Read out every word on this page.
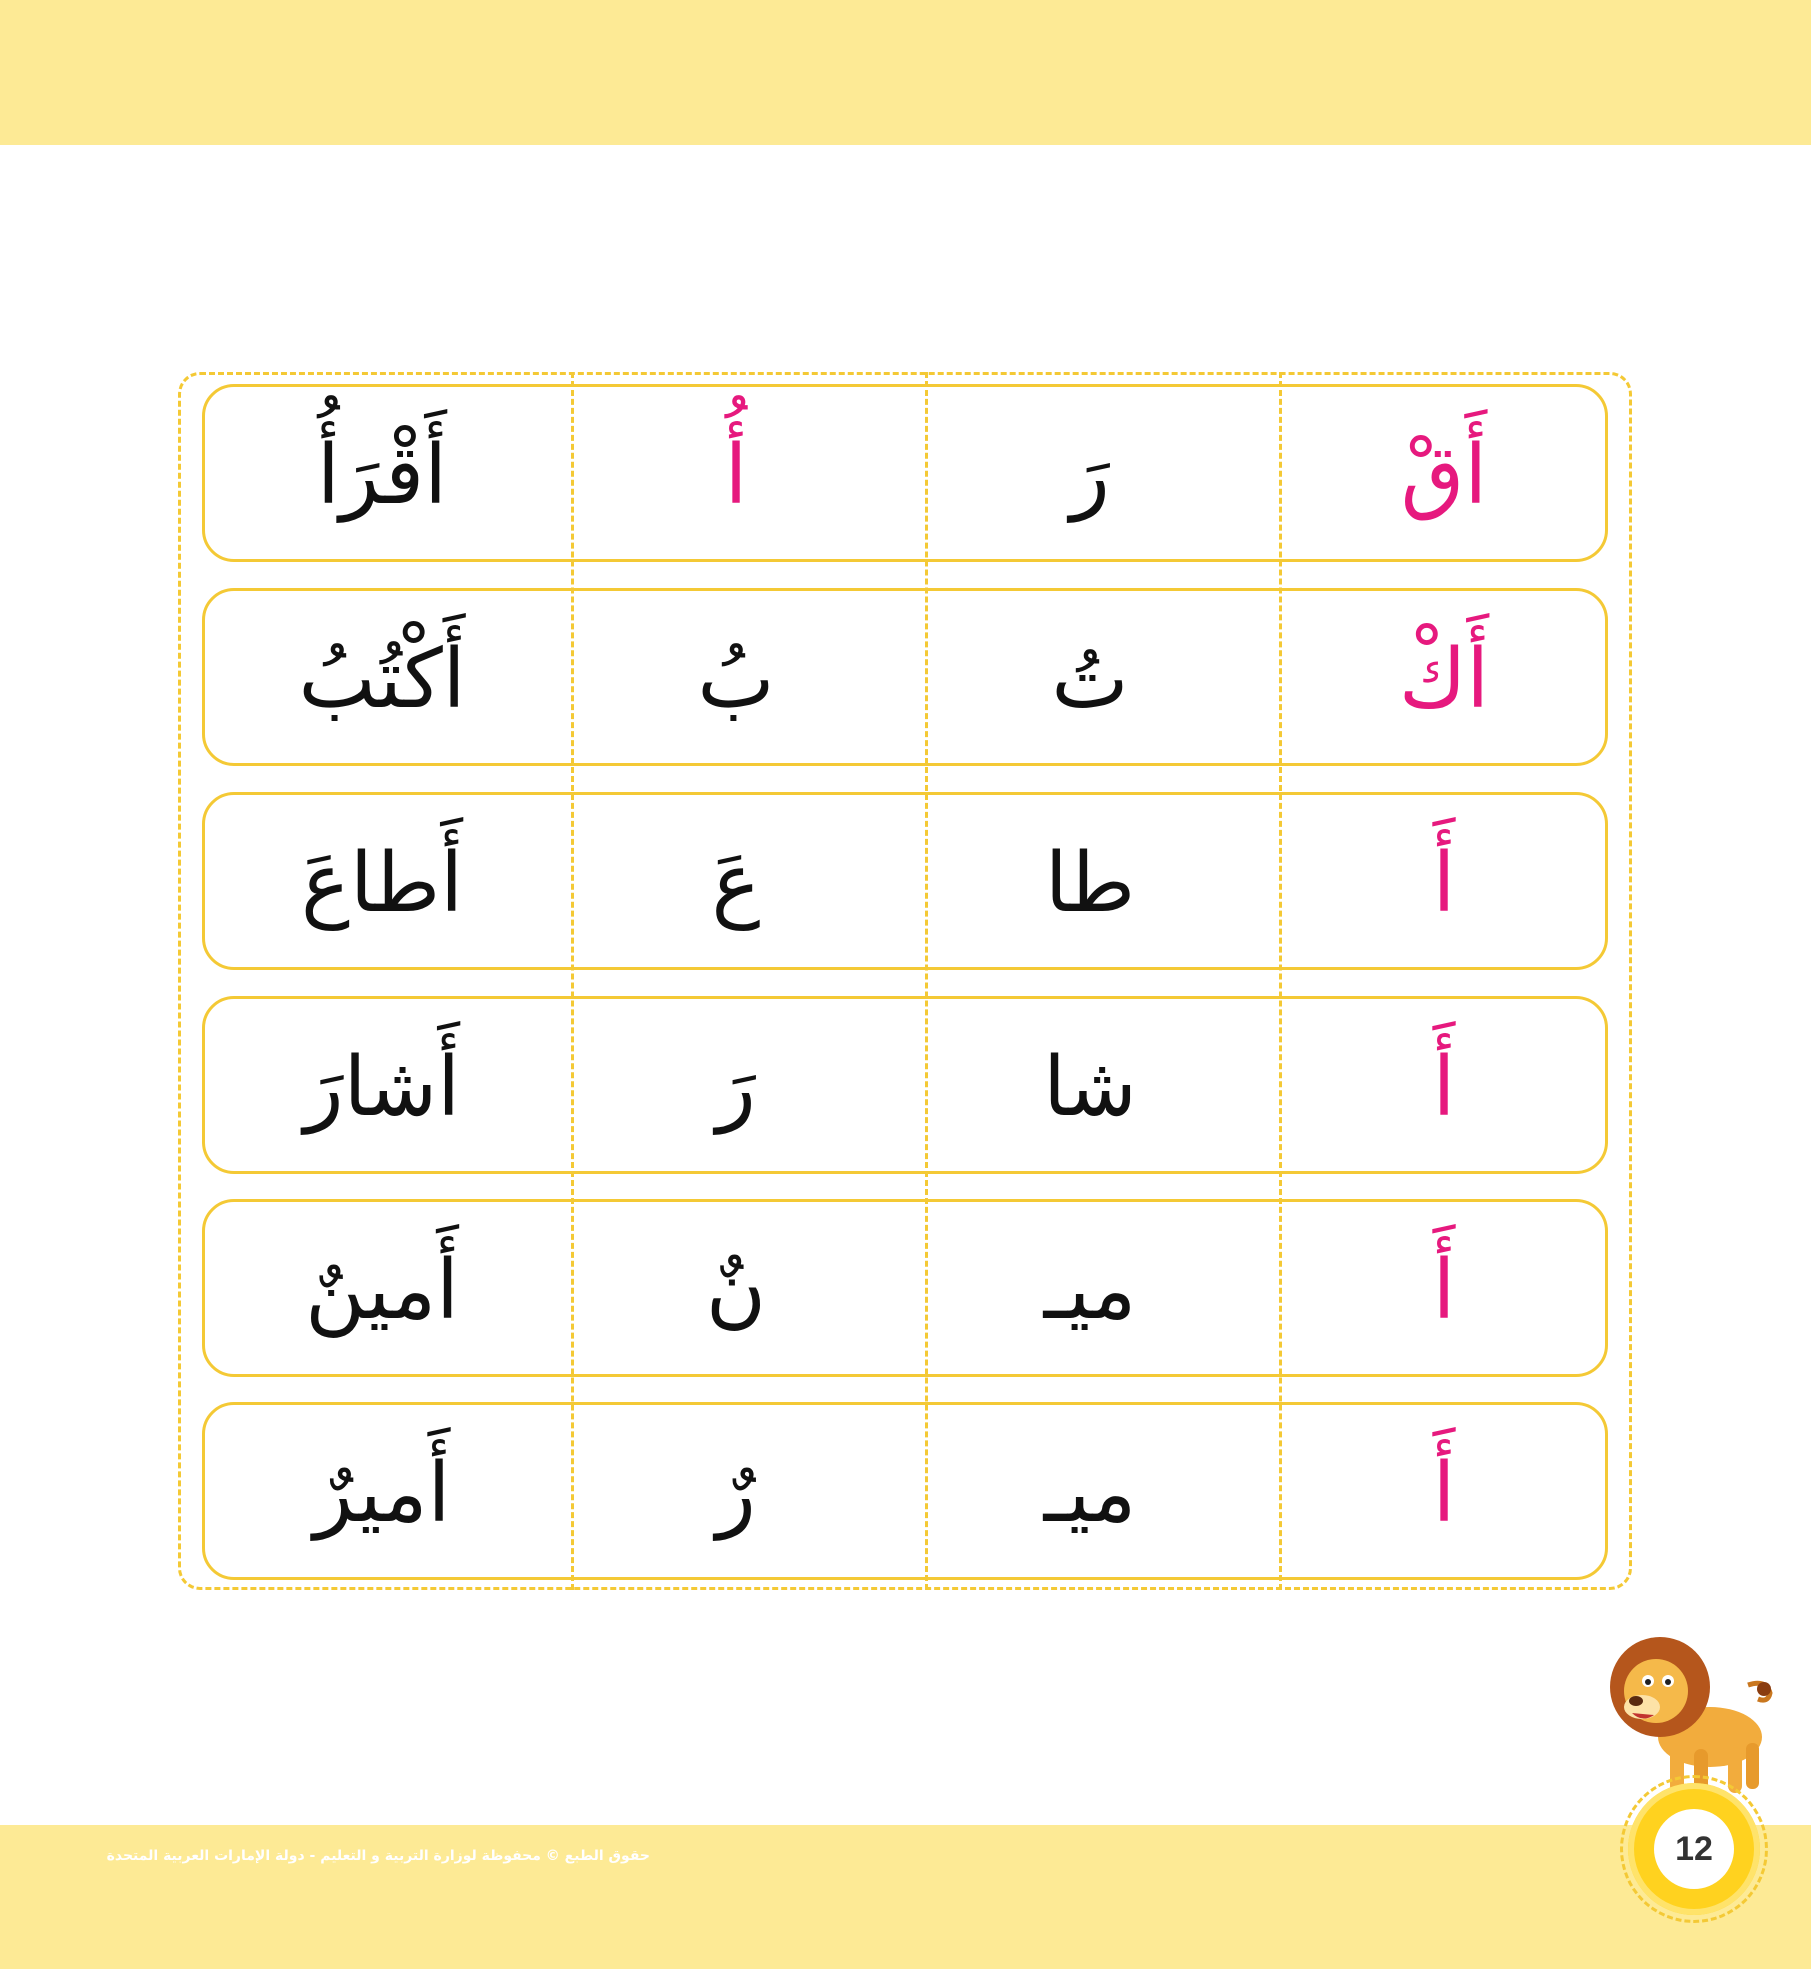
أَقْ
رَ
أُ
أَقْرَأُ
أَكْ
تُ
بُ
أَكْتُبُ
أَ
طا
عَ
أَطاعَ
أَ
شا
رَ
أَشارَ
أَ
ميـ
نٌ
أَمينٌ
أَ
ميـ
رٌ
أَميرٌ
حقوق الطبع © محفوظة لوزارة التربية و التعليم - دولة الإمارات العربية المتحدة	12
